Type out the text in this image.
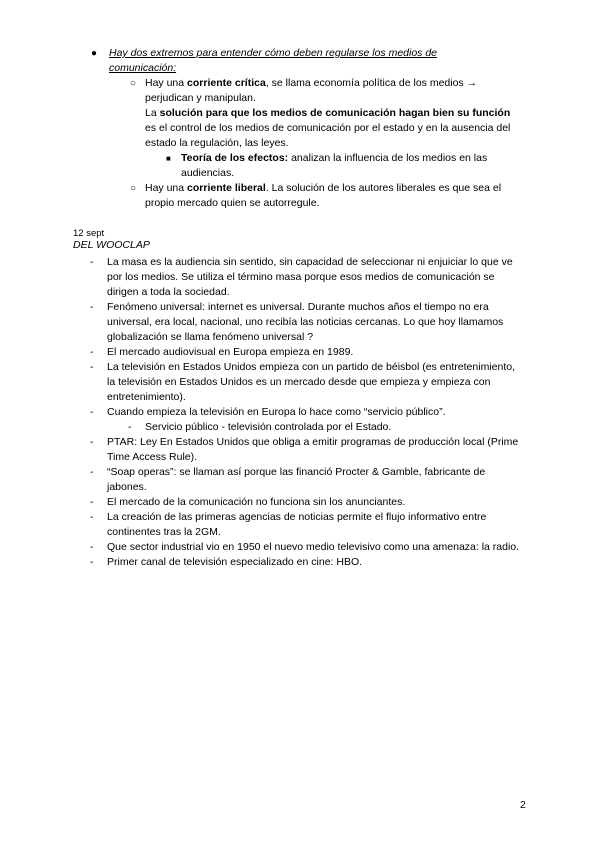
● Hay dos extremos para entender cómo deben regularse los medios de comunicación:
○ Hay una corriente crítica, se llama economía política de los medios → perjudican y manipulan.
La solución para que los medios de comunicación hagan bien su función es el control de los medios de comunicación por el estado y en la ausencia del estado la regulación, las leyes.
■ Teoría de los efectos: analizan la influencia de los medios en las audiencias.
○ Hay una corriente liberal. La solución de los autores liberales es que sea el propio mercado quien se autorregule.
12 sept
DEL WOOCLAP
- La masa es la audiencia sin sentido, sin capacidad de seleccionar ni enjuiciar lo que ve por los medios. Se utiliza el término masa porque esos medios de comunicación se dirigen a toda la sociedad.
- Fenómeno universal: internet es universal. Durante muchos años el tiempo no era universal, era local, nacional, uno recibía las noticias cercanas. Lo que hoy llamamos globalización se llama fenómeno universal ?
- El mercado audiovisual en Europa empieza en 1989.
- La televisión en Estados Unidos empieza con un partido de béisbol (es entretenimiento, la televisión en Estados Unidos es un mercado desde que empieza y empieza con entretenimiento).
- Cuando empieza la televisión en Europa lo hace como “servicio público”.
- Servicio público - televisión controlada por el Estado.
- PTAR: Ley En Estados Unidos que obliga a emitir programas de producción local (Prime Time Access Rule).
- “Soap operas”: se llaman así porque las financió Procter & Gamble, fabricante de jabones.
- El mercado de la comunicación no funciona sin los anunciantes.
- La creación de las primeras agencias de noticias permite el flujo informativo entre continentes tras la 2GM.
- Que sector industrial vio en 1950 el nuevo medio televisivo como una amenaza: la radio.
- Primer canal de televisión especializado en cine: HBO.
2
